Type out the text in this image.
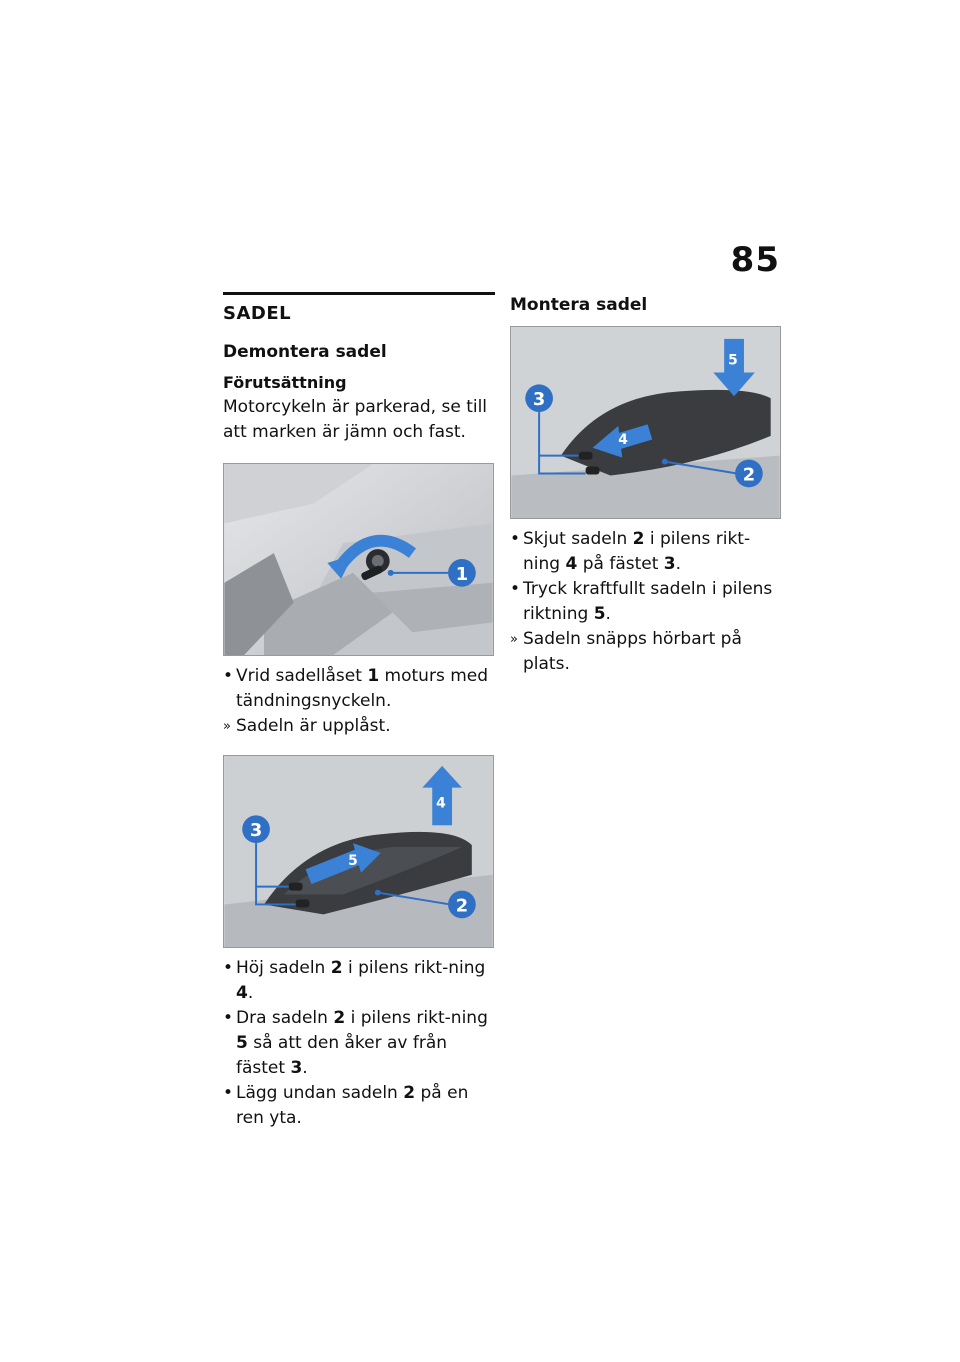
85
SADEL
Demontera sadel
Förutsättning
Motorcykeln är parkerad, se till att marken är jämn och fast.
1
• Vrid sadellåset 1 moturs med tändningsnyckeln.
» Sadeln är upplåst.
5
4
3
2
• Höj sadeln 2 i pilens rikt-ning 4.
• Dra sadeln 2 i pilens rikt-ning 5 så att den åker av från fästet 3.
• Lägg undan sadeln 2 på en ren yta.
Montera sadel
4
5
3
2
• Skjut sadeln 2 i pilens rikt-ning 4 på fästet 3.
• Tryck kraftfullt sadeln i pilens riktning 5.
» Sadeln snäpps hörbart på plats.
